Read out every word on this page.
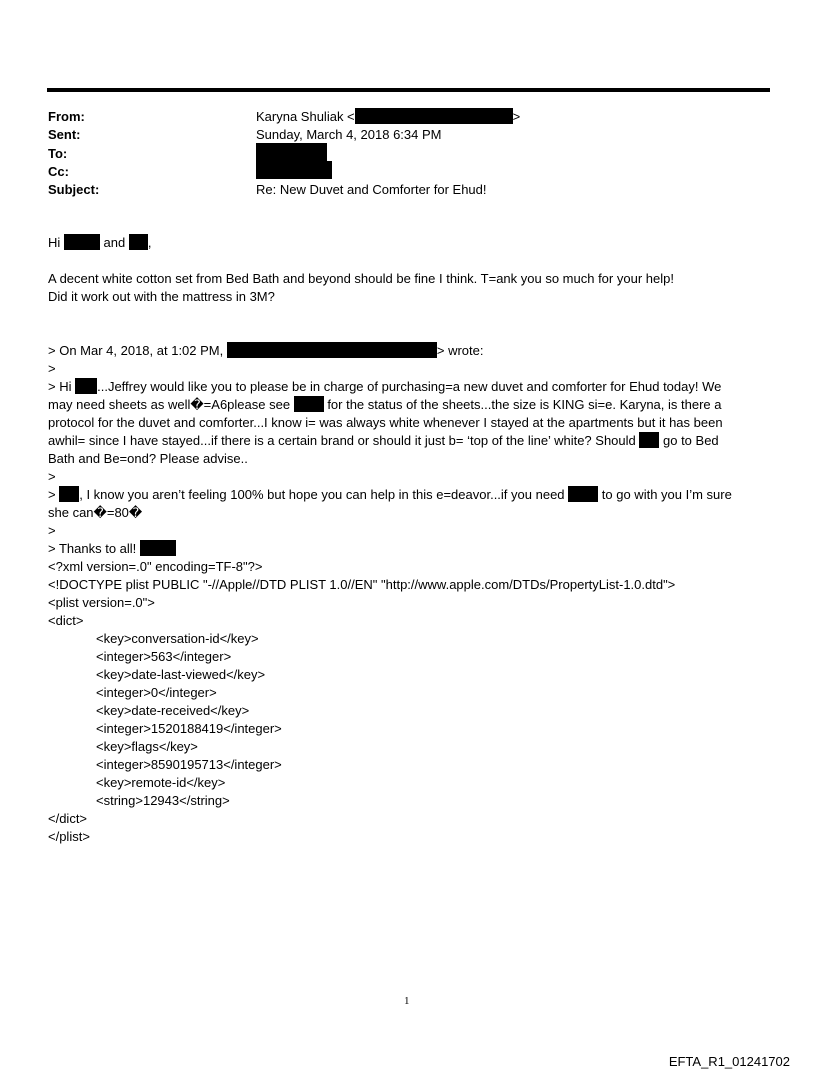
From:	Karyna Shuliak <	>
Sent:	Sunday, March 4, 2018 6:34 PM
To:
Cc:
Subject:	Re: New Duvet and Comforter for Ehud!
Hi	and ,
A decent white cotton set from Bed Bath and beyond should be fine I think. T=ank you so much for your help!
Did it work out with the mattress in 3M?
> On Mar 4, 2018, at 1:02 PM,	> wrote:
>
> Hi ...Jeffrey would like you to please be in charge of purchasing=a new duvet and comforter for Ehud today! We
may need sheets as well�=A6please see	for the status of the sheets...the size is KING si=e. Karyna, is there a
protocol for the duvet and comforter...I know i= was always white whenever I stayed at the apartments but it has been
awhil= since I have stayed...if there is a certain brand or should it just b= ‘top of the line’ white? Should go to Bed
Bath and Be=ond? Please advise..
>
> , I know you aren’t feeling 100% but hope you can help in this e=deavor...if you need	to go with you I’m sure
she can�=80�
>
> Thanks to all!
<?xml version=.0" encoding=TF-8"?>
<!DOCTYPE plist PUBLIC "-//Apple//DTD PLIST 1.0//EN" "http://www.apple.com/DTDs/PropertyList-1.0.dtd">
<plist version=.0">
<dict>
<key>conversation-id</key>
<integer>563</integer>
<key>date-last-viewed</key>
<integer>0</integer>
<key>date-received</key>
<integer>1520188419</integer>
<key>flags</key>
<integer>8590195713</integer>
<key>remote-id</key>
<string>12943</string>
</dict>
</plist>
1
EFTA_R1_01241702
